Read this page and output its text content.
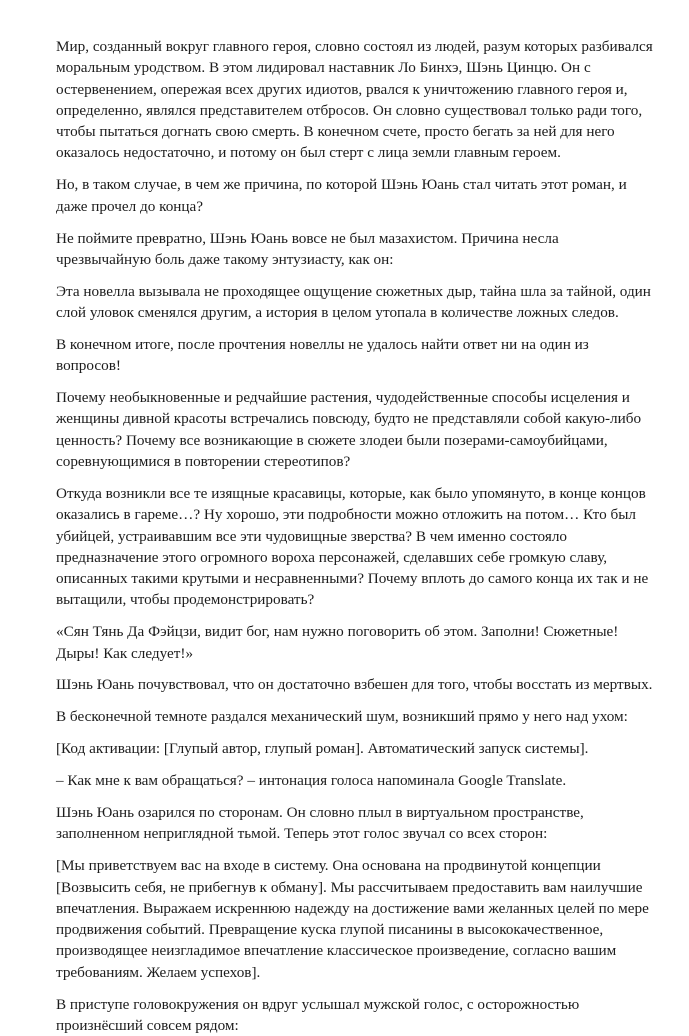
Мир, созданный вокруг главного героя, словно состоял из людей, разум которых разбивался моральным уродством. В этом лидировал наставник Ло Бинхэ, Шэнь Цинцю. Он с остервенением, опережая всех других идиотов, рвался к уничтожению главного героя и, определенно, являлся представителем отбросов. Он словно существовал только ради того, чтобы пытаться догнать свою смерть. В конечном счете, просто бегать за ней для него оказалось недостаточно, и потому он был стерт с лица земли главным героем.

Но, в таком случае, в чем же причина, по которой Шэнь Юань стал читать этот роман, и даже прочел до конца?

Не поймите превратно, Шэнь Юань вовсе не был мазахистом. Причина несла чрезвычайную боль даже такому энтузиасту, как он:

Эта новелла вызывала не проходящее ощущение сюжетных дыр, тайна шла за тайной, один слой уловок сменялся другим, а история в целом утопала в количестве ложных следов.

В конечном итоге, после прочтения новеллы не удалось найти ответ ни на один из вопросов!

Почему необыкновенные и редчайшие растения, чудодейственные способы исцеления и женщины дивной красоты встречались повсюду, будто не представляли собой какую-либо ценность? Почему все возникающие в сюжете злодеи были позерами-самоубийцами, соревнующимися в повторении стереотипов?

Откуда возникли все те изящные красавицы, которые, как было упомянуто, в конце концов оказались в гареме…? Ну хорошо, эти подробности можно отложить на потом… Кто был убийцей, устраивавшим все эти чудовищные зверства? В чем именно состояло предназначение этого огромного вороха персонажей, сделавших себе громкую славу, описанных такими крутыми и несравненными? Почему вплоть до самого конца их так и не вытащили, чтобы продемонстрировать?

«Сян Тянь Да Фэйцзи, видит бог, нам нужно поговорить об этом. Заполни! Сюжетные! Дыры! Как следует!»

Шэнь Юань почувствовал, что он достаточно взбешен для того, чтобы восстать из мертвых.

В бесконечной темноте раздался механический шум, возникший прямо у него над ухом:

[Код активации: [Глупый автор, глупый роман]. Автоматический запуск системы].

– Как мне к вам обращаться? – интонация голоса напоминала Google Translate.

Шэнь Юань озарился по сторонам. Он словно плыл в виртуальном пространстве, заполненном неприглядной тьмой. Теперь этот голос звучал со всех сторон:

[Мы приветствуем вас на входе в систему. Она основана на продвинутой концепции [Возвысить себя, не прибегнув к обману]. Мы рассчитываем предоставить вам наилучшие впечатления. Выражаем искреннюю надежду на достижение вами желанных целей по мере продвижения событий. Превращение куска глупой писанины в высококачественное, производящее неизгладимое впечатление классическое произведение, согласно вашим требованиям. Желаем успехов].

В приступе головокружения он вдруг услышал мужской голос, с осторожностью произнёсший совсем рядом:
